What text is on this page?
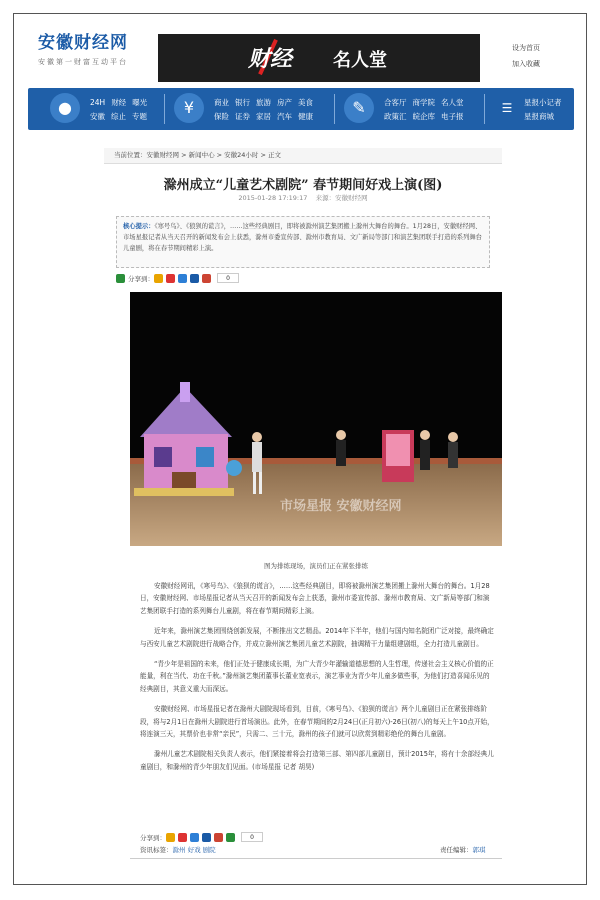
安徽财经网
安徽第一财富互动平台	财经 名人堂
设为首页
加入收藏
●	24H 财经 曝光
安徽 综止 专题	¥	商业 银行 旅游 房产 美食
保险 证券 家居 汽车 健康	✎	合客厅 商学院 名人堂
政策汇 皖企库 电子报
☰	星报小记者
星报商城
当前位置：安徽财经网 > 新闻中心 > 安徽24小时 > 正文
滁州成立“儿童艺术剧院” 春节期间好戏上演(图)
2015-01-28 17:19:17 来源：安徽财经网
核心提示：《寒号鸟》、《狼狈的谎言》，……这些经典剧目，即将被滁州演艺集团搬上滁州大舞台的舞台。1月28日，安徽财经网、市场星报记者从当天召开的新闻发布会上获悉，滁州市委宣传部、滁州市教育局、文广新局等部门和演艺集团联手打造的系列舞台儿童剧，将在春节期间精彩上演。
分享到：	0
市场星报 安徽财经网
图为排练现场，演员们正在紧张排练

安徽财经网讯，《寒号鸟》、《狼狈的谎言》，……这些经典剧目，即将被滁州演艺集团搬上滁州大舞台的舞台。1月28日，安徽财经网、市场星报记者从当天召开的新闻发布会上获悉，滁州市委宣传部、滁州市教育局、文广新局等部门和演艺集团联手打造的系列舞台儿童剧，将在春节期间精彩上演。

近年来，滁州演艺集团围绕创新发展，不断推出文艺精品。2014年下半年，他们与国内知名院团广泛对接，最终确定与西安儿童艺术剧院进行战略合作，并成立滁州演艺集团儿童艺术剧院，抽调精干力量组建剧组，全力打造儿童剧目。

“青少年是祖国的未来，他们正处于健康成长期，为广大青少年灌输道德思想的人生哲理，传递社会主义核心价值的正能量，利在当代、功在千秋。”滁州演艺集团董事长董业宽表示，演艺事业为青少年儿童多做些事，为他们打造喜闻乐见的经典剧目，其意义重大而深远。

安徽财经网、市场星报记者在滁州大剧院现场看到，目前，《寒号鸟》、《狼狈的谎言》两个儿童剧目正在紧张排练阶段，将与2月1日在滁州大剧院进行首场演出。此外，在春节期间的2月24日(正月初六)-26日(初八)的每天上午10点开始，将连演三天，其票价也非常“亲民”，只需二、三十元，滁州的孩子们就可以欣赏到精彩绝伦的舞台儿童剧。

滁州儿童艺术剧院相关负责人表示，他们紧接着将会打造第三部、第四部儿童剧目，预计2015年，将有十余部经典儿童剧目，和滁州的青少年朋友们见面。(市场星报 记者 胡昊)

分享到：	0
资讯标签：滁州 好戏 剧院	责任编辑：郭琪
